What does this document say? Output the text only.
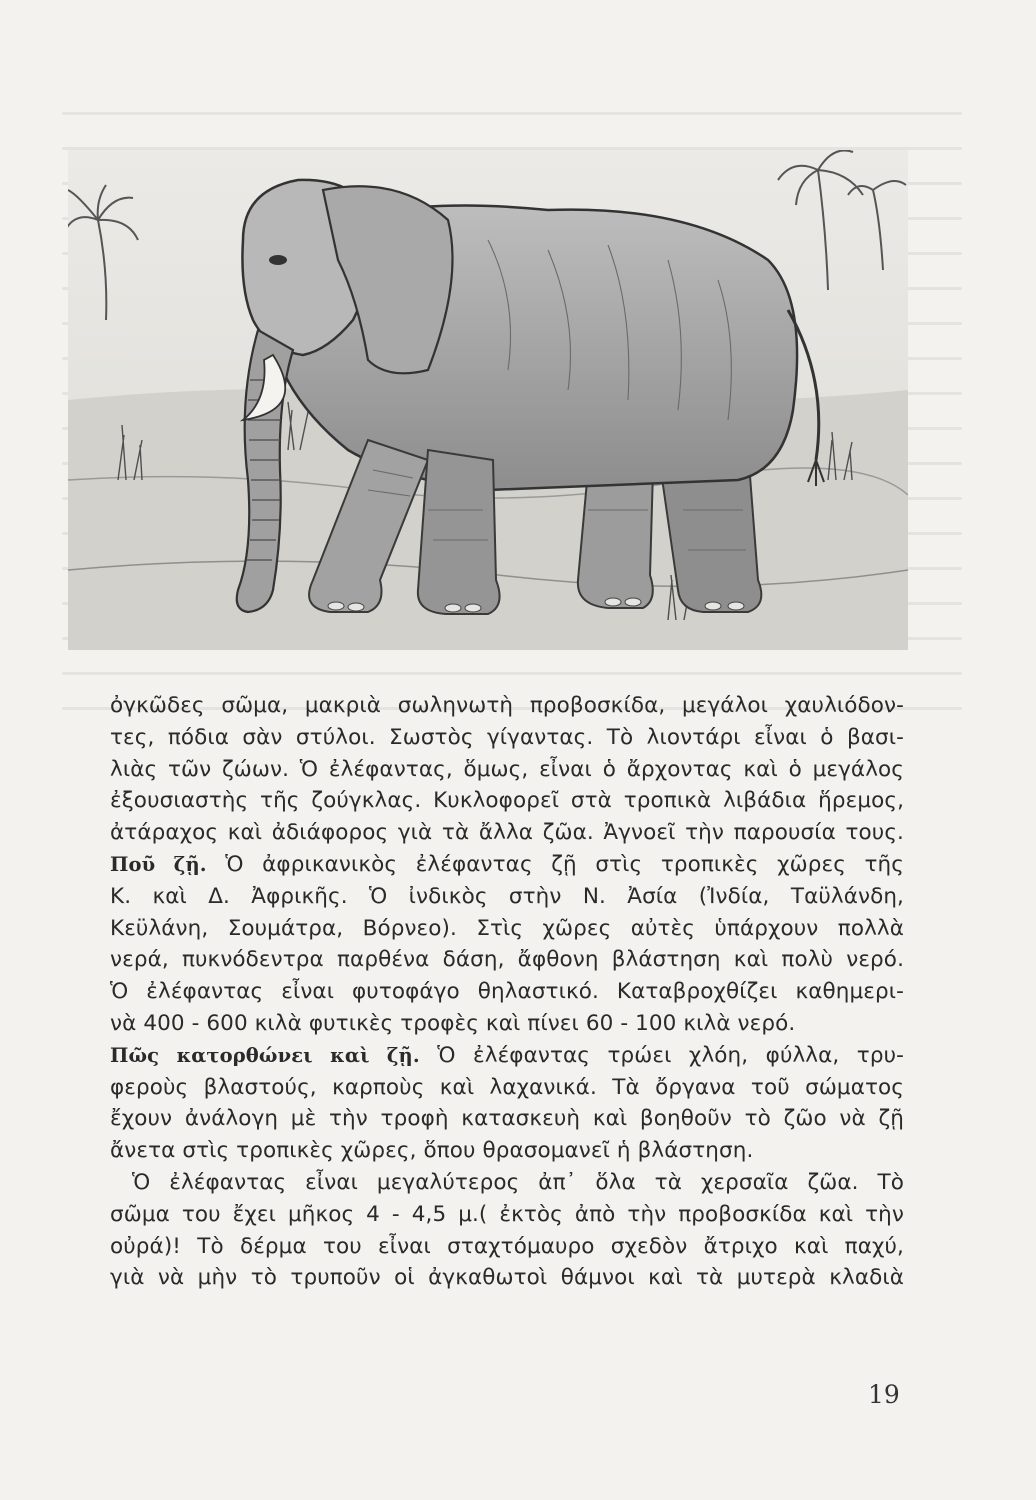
ὀγκῶδες σῶμα, μακριὰ σωληνωτὴ προβοσκίδα, μεγάλοι χαυλιόδον-
τες, πόδια σὰν στύλοι. Σωστὸς γίγαντας. Τὸ λιοντάρι εἶναι ὁ βασι-
λιὰς τῶν ζώων. Ὁ ἐλέφαντας, ὅμως, εἶναι ὁ ἄρχοντας καὶ ὁ μεγάλος
ἐξουσιαστὴς τῆς ζούγκλας. Κυκλοφορεῖ στὰ τροπικὰ λιβάδια ἥρεμος,
ἀτάραχος καὶ ἀδιάφορος γιὰ τὰ ἄλλα ζῶα. Ἀγνοεῖ τὴν παρουσία τους.
Ποῦ ζῇ. Ὁ ἀφρικανικὸς ἐλέφαντας ζῇ στὶς τροπικὲς χῶρες τῆς
Κ. καὶ Δ. Ἀφρικῆς. Ὁ ἰνδικὸς στὴν Ν. Ἀσία (Ἰνδία, Ταϋλάνδη,
Κεϋλάνη, Σουμάτρα, Βόρνεο). Στὶς χῶρες αὐτὲς ὑπάρχουν πολλὰ
νερά, πυκνόδεντρα παρθένα δάση, ἄφθονη βλάστηση καὶ πολὺ νερό.
Ὁ ἐλέφαντας εἶναι φυτοφάγο θηλαστικό. Καταβροχθίζει καθημερι-
νὰ 400 - 600 κιλὰ φυτικὲς τροφὲς καὶ πίνει 60 - 100 κιλὰ νερό.
Πῶς κατορθώνει καὶ ζῇ. Ὁ ἐλέφαντας τρώει χλόη, φύλλα, τρυ-
φεροὺς βλαστούς, καρποὺς καὶ λαχανικά. Τὰ ὄργανα τοῦ σώματος
ἔχουν ἀνάλογη μὲ τὴν τροφὴ κατασκευὴ καὶ βοηθοῦν τὸ ζῶο νὰ ζῇ
ἄνετα στὶς τροπικὲς χῶρες, ὅπου θρασομανεῖ ἡ βλάστηση.
Ὁ ἐλέφαντας εἶναι μεγαλύτερος ἀπ᾿ ὅλα τὰ χερσαῖα ζῶα. Τὸ
σῶμα του ἔχει μῆκος 4 - 4,5 μ.( ἐκτὸς ἀπὸ τὴν προβοσκίδα καὶ τὴν
οὐρά)! Τὸ δέρμα του εἶναι σταχτόμαυρο σχεδὸν ἄτριχο καὶ παχύ,
γιὰ νὰ μὴν τὸ τρυποῦν οἱ ἀγκαθωτοὶ θάμνοι καὶ τὰ μυτερὰ κλαδιὰ
19
